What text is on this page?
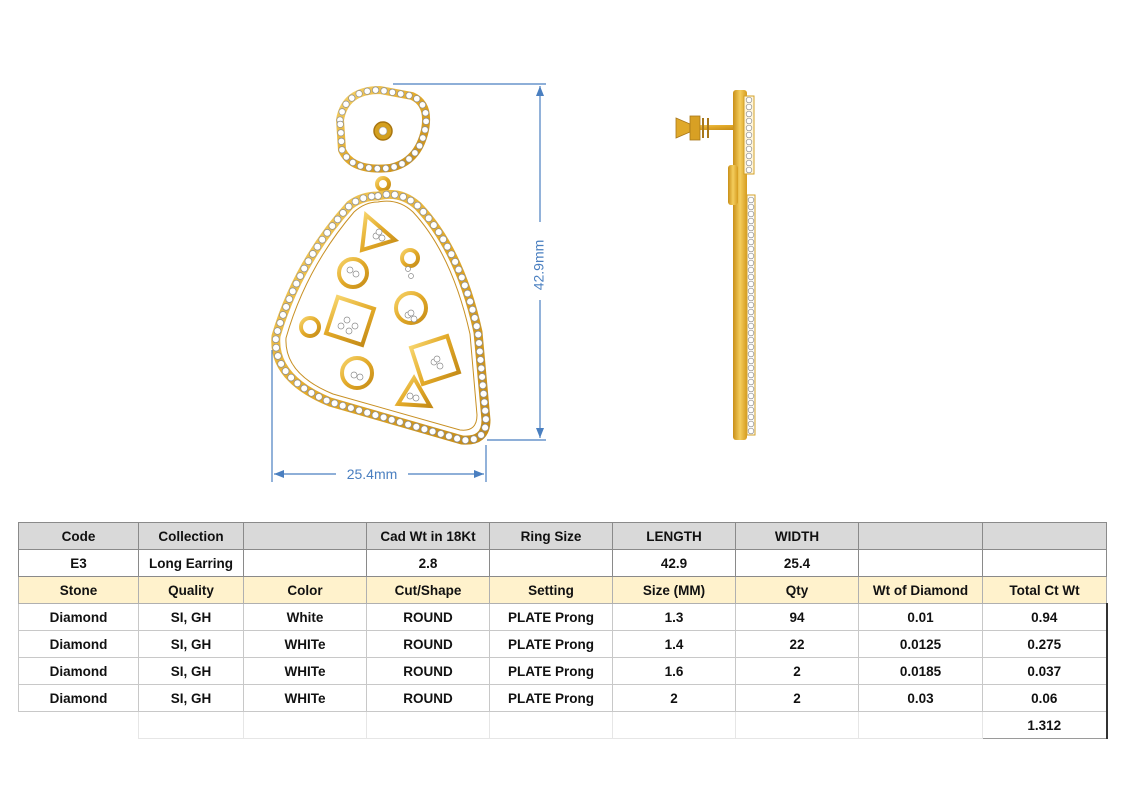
42.9mm
25.4mm
Code	Collection		Cad Wt in 18Kt	Ring Size	LENGTH	WIDTH		
E3	Long Earring		2.8		42.9	25.4		
Stone	Quality	Color	Cut/Shape	Setting	Size (MM)	Qty	Wt of Diamond	Total Ct Wt
Diamond	SI, GH	White	ROUND	PLATE Prong	1.3	94	0.01	0.94
Diamond	SI, GH	WHITe	ROUND	PLATE Prong	1.4	22	0.0125	0.275
Diamond	SI, GH	WHITe	ROUND	PLATE Prong	1.6	2	0.0185	0.037
Diamond	SI, GH	WHITe	ROUND	PLATE Prong	2	2	0.03	0.06
								1.312
